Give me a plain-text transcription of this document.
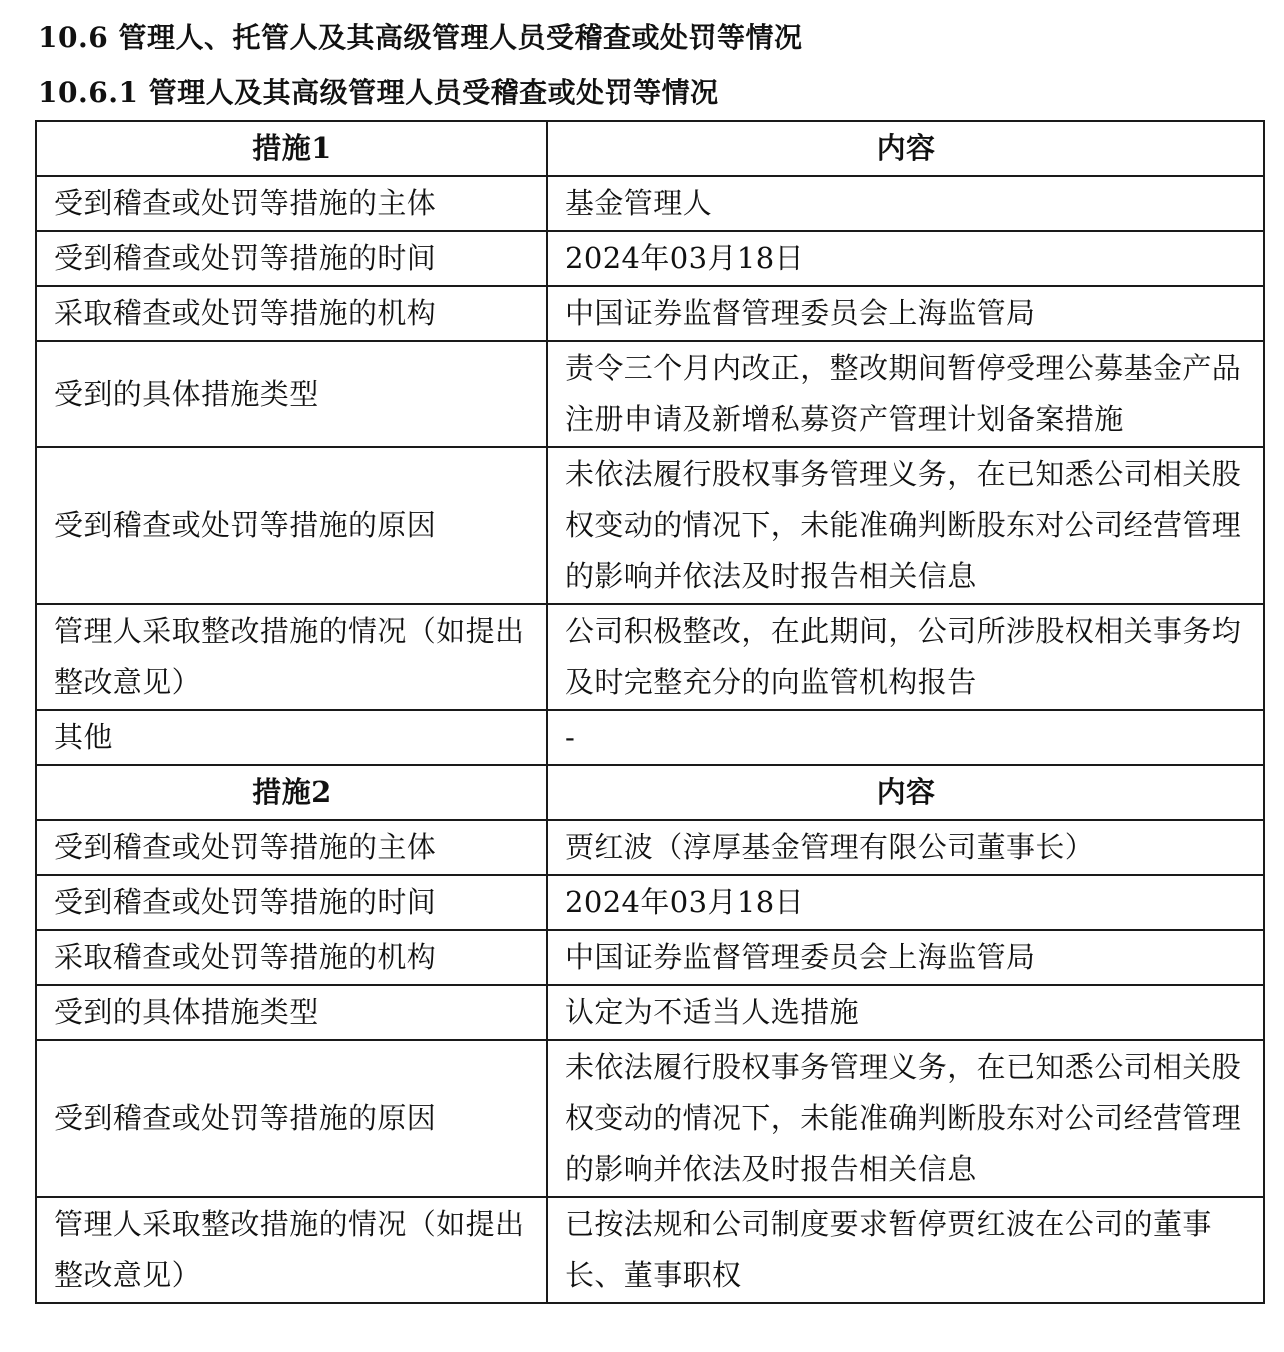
10.6 管理人、托管人及其高级管理人员受稽查或处罚等情况
10.6.1 管理人及其高级管理人员受稽查或处罚等情况
措施1	内容
受到稽查或处罚等措施的主体	基金管理人
受到稽查或处罚等措施的时间	2024年03月18日
采取稽查或处罚等措施的机构	中国证券监督管理委员会上海监管局
受到的具体措施类型	责令三个月内改正，整改期间暂停受理公募基金产品注册申请及新增私募资产管理计划备案措施
受到稽查或处罚等措施的原因	未依法履行股权事务管理义务，在已知悉公司相关股权变动的情况下，未能准确判断股东对公司经营管理的影响并依法及时报告相关信息
管理人采取整改措施的情况（如提出整改意见）	公司积极整改，在此期间，公司所涉股权相关事务均及时完整充分的向监管机构报告
其他	-
措施2	内容
受到稽查或处罚等措施的主体	贾红波（淳厚基金管理有限公司董事长）
受到稽查或处罚等措施的时间	2024年03月18日
采取稽查或处罚等措施的机构	中国证券监督管理委员会上海监管局
受到的具体措施类型	认定为不适当人选措施
受到稽查或处罚等措施的原因	未依法履行股权事务管理义务，在已知悉公司相关股权变动的情况下，未能准确判断股东对公司经营管理的影响并依法及时报告相关信息
管理人采取整改措施的情况（如提出整改意见）	已按法规和公司制度要求暂停贾红波在公司的董事长、董事职权
